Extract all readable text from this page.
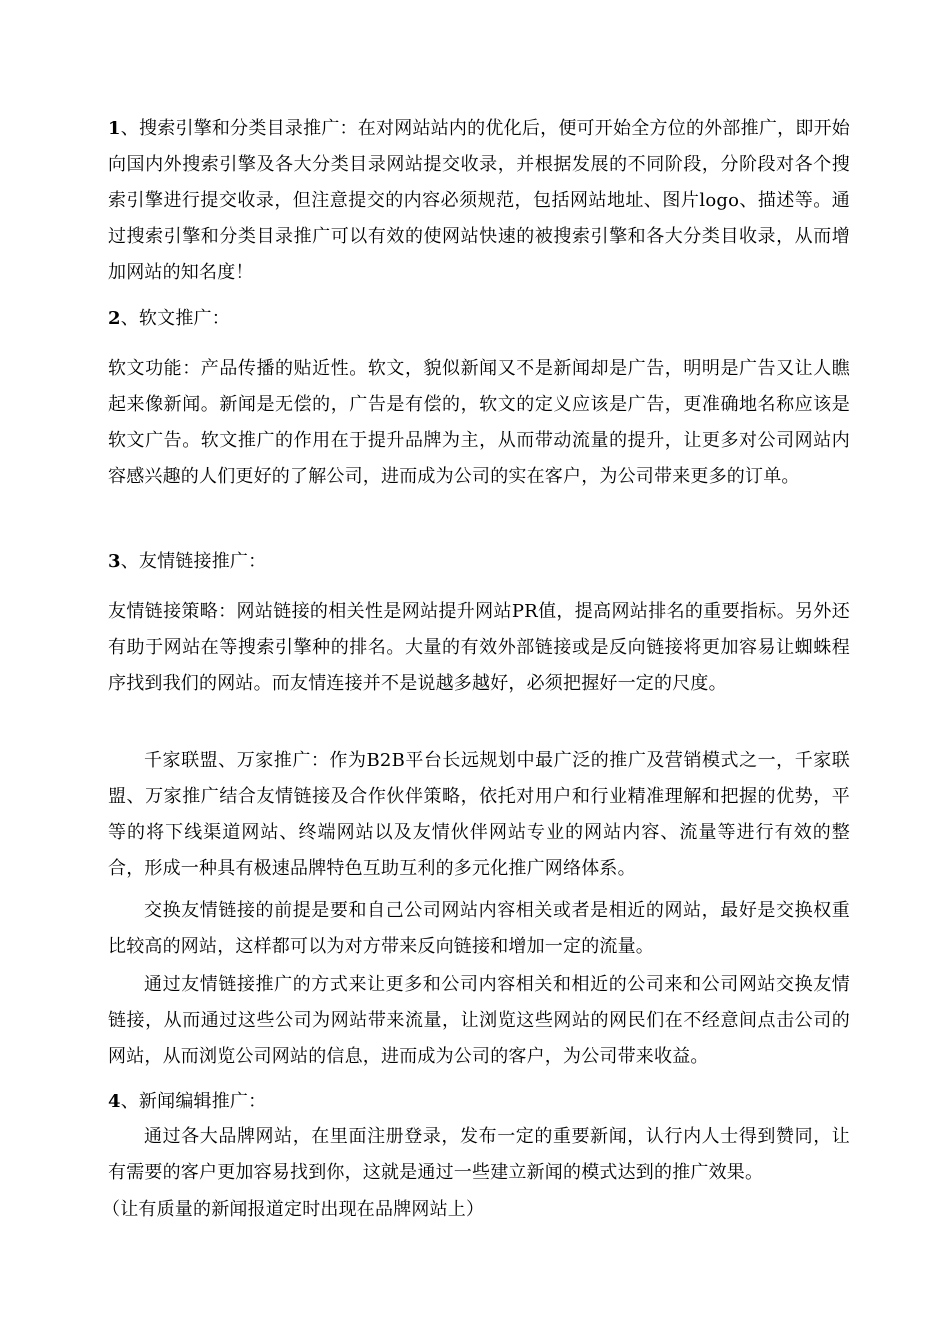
1、搜索引擎和分类目录推广：在对网站站内的优化后，便可开始全方位的外部推广，即开始向国内外搜索引擎及各大分类目录网站提交收录，并根据发展的不同阶段，分阶段对各个搜索引擎进行提交收录，但注意提交的内容必须规范，包括网站地址、图片logo、描述等。通过搜索引擎和分类目录推广可以有效的使网站快速的被搜索引擎和各大分类目收录，从而增加网站的知名度！

2、软文推广：

软文功能：产品传播的贴近性。软文，貌似新闻又不是新闻却是广告，明明是广告又让人瞧起来像新闻。新闻是无偿的，广告是有偿的，软文的定义应该是广告，更准确地名称应该是软文广告。软文推广的作用在于提升品牌为主，从而带动流量的提升，让更多对公司网站内容感兴趣的人们更好的了解公司，进而成为公司的实在客户，为公司带来更多的订单。

3、友情链接推广：

友情链接策略：网站链接的相关性是网站提升网站PR值，提高网站排名的重要指标。另外还有助于网站在等搜索引擎种的排名。大量的有效外部链接或是反向链接将更加容易让蜘蛛程序找到我们的网站。而友情连接并不是说越多越好，必须把握好一定的尺度。

千家联盟、万家推广：作为B2B平台长远规划中最广泛的推广及营销模式之一，千家联盟、万家推广结合友情链接及合作伙伴策略，依托对用户和行业精准理解和把握的优势，平等的将下线渠道网站、终端网站以及友情伙伴网站专业的网站内容、流量等进行有效的整合，形成一种具有极速品牌特色互助互利的多元化推广网络体系。

交换友情链接的前提是要和自己公司网站内容相关或者是相近的网站，最好是交换权重比较高的网站，这样都可以为对方带来反向链接和增加一定的流量。

通过友情链接推广的方式来让更多和公司内容相关和相近的公司来和公司网站交换友情链接，从而通过这些公司为网站带来流量，让浏览这些网站的网民们在不经意间点击公司的网站，从而浏览公司网站的信息，进而成为公司的客户，为公司带来收益。

4、新闻编辑推广：

通过各大品牌网站，在里面注册登录，发布一定的重要新闻，认行内人士得到赞同，让有需要的客户更加容易找到你，这就是通过一些建立新闻的模式达到的推广效果。

（让有质量的新闻报道定时出现在品牌网站上）
